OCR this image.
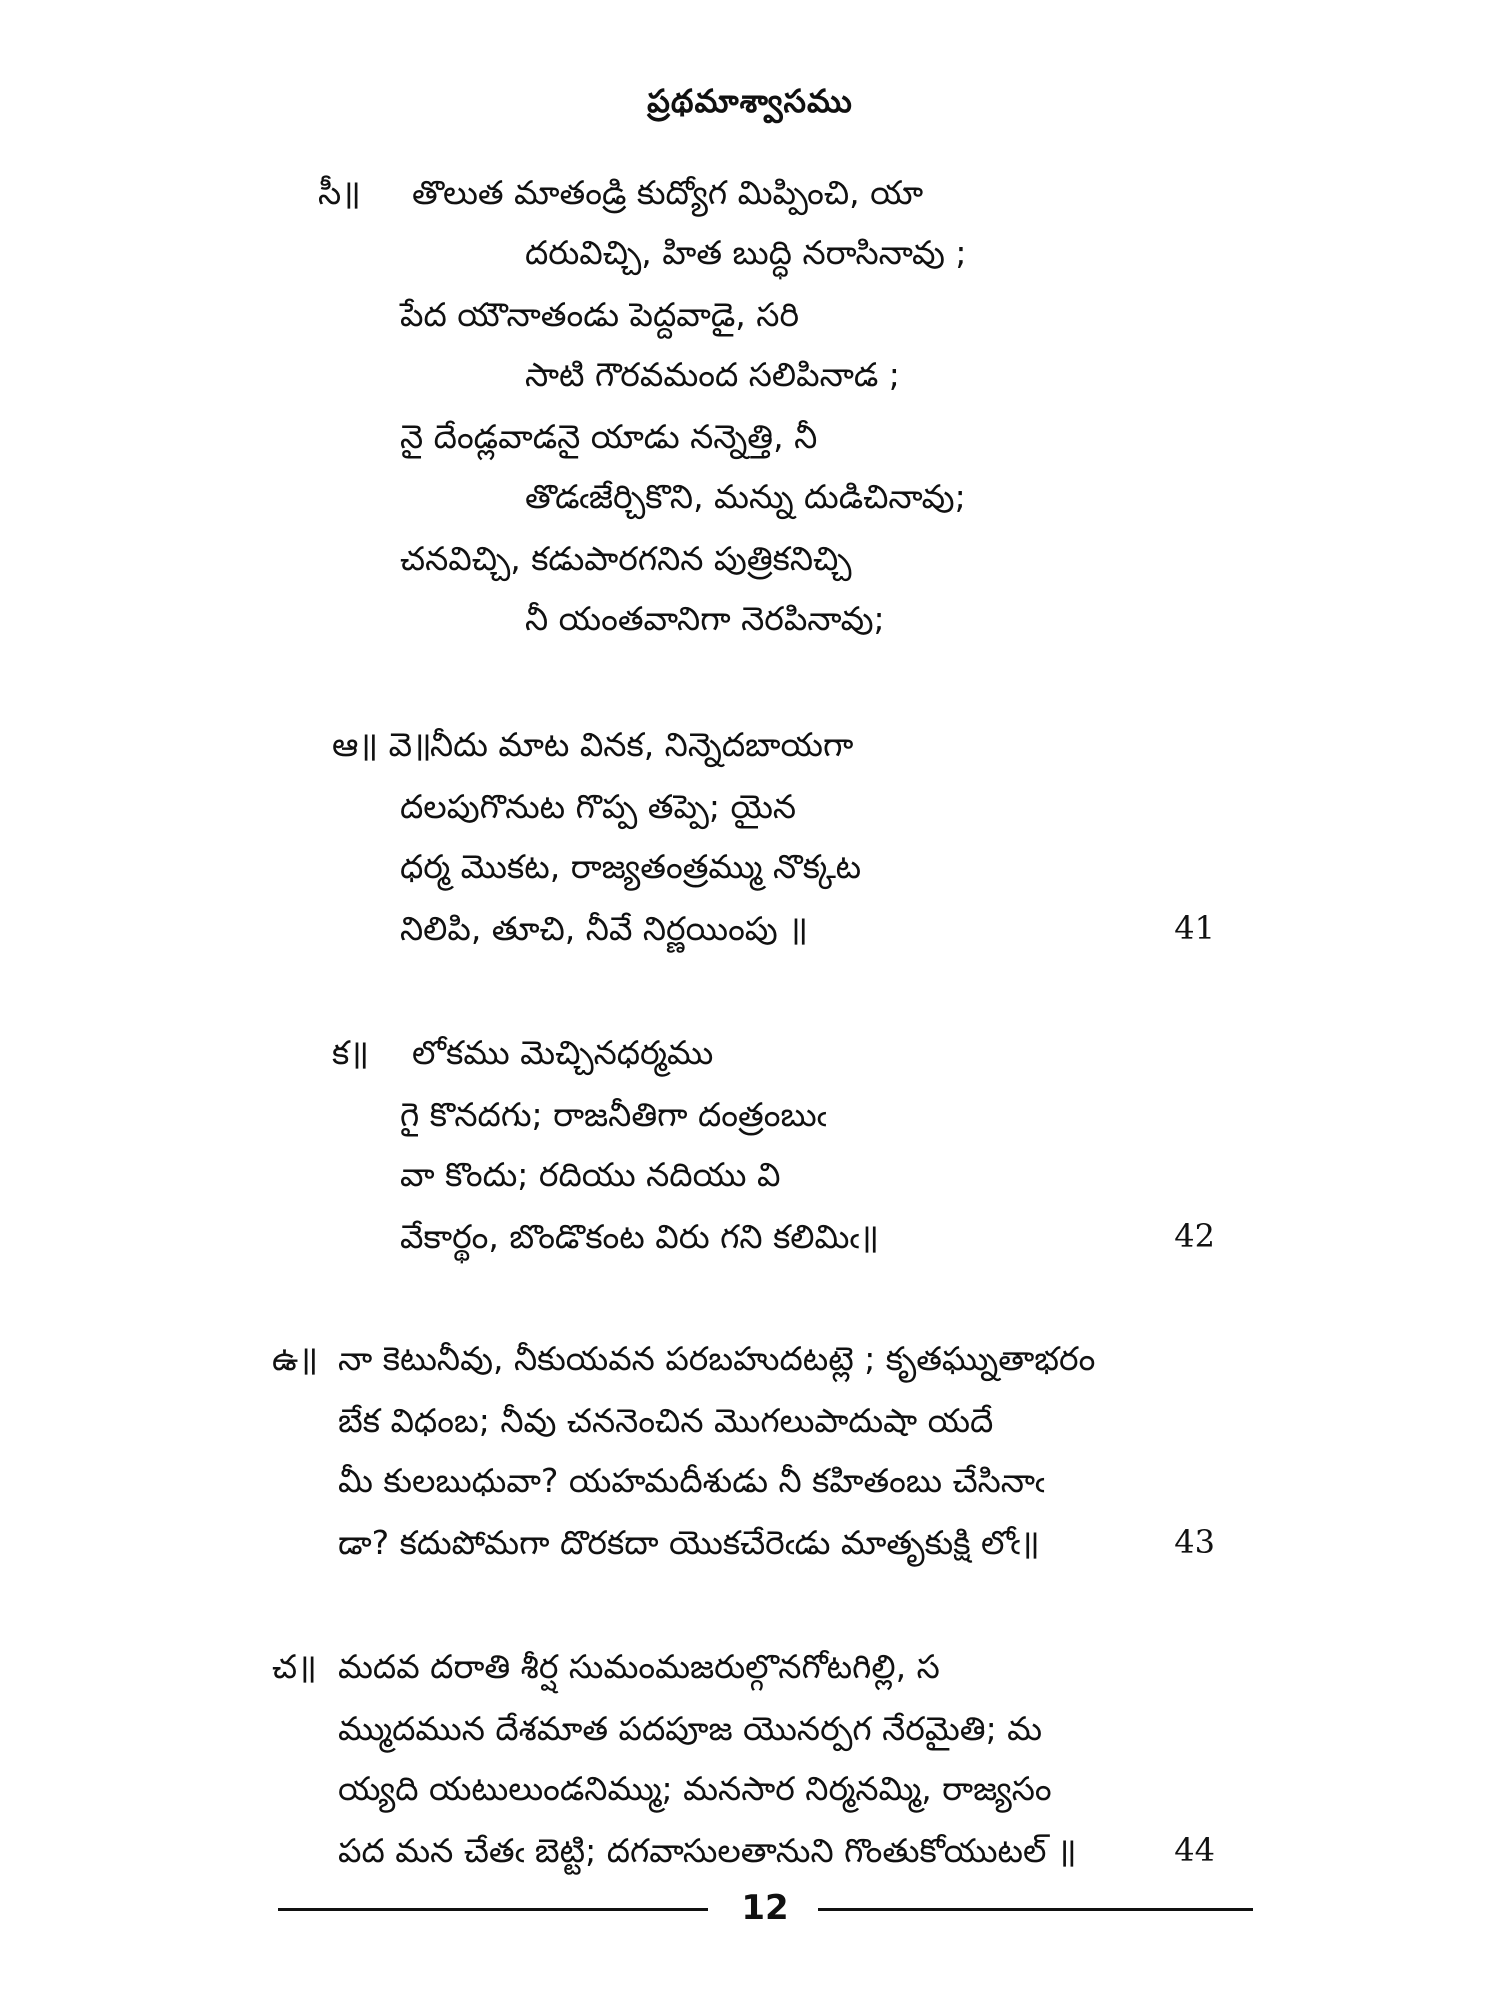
ప్రథమాశ్వాసము
సీ॥ తొలుత మాతండ్రి కుద్యోగ మిప్పించి, యా
దరువిచ్చి, హిత బుద్ధి నరాసినావు ;
పేద యౌనాతండు పెద్దవాడై, సరి
సాటి గౌరవమంద సలిపినాడ ;
నై దేండ్లవాడనై యాడు నన్నెత్తి, నీ
తొడఁజేర్చికొని, మన్ను దుడిచినావు;
చనవిచ్చి, కడుపారగనిన పుత్రికనిచ్చి
నీ యంతవానిగా నెరపినావు;
ఆ॥ వె॥
నీదు మాట వినక, నిన్నెదబాయగా
దలపుగొనుట గొప్ప తప్పె; యైన
ధర్మ మొకట, రాజ్యతంత్రమ్ము నొక్కట
నిలిపి, తూచి, నీవే నిర్ణయింపు ॥	41
క॥ లోకము మెచ్చినధర్మము
గై కొనదగు; రాజనీతిగా దంత్రంబుఁ
వా కొందు; రదియు నదియు వి
వేకార్థం, బొండొకంట విరు గని కలిమిఁ॥	42
ఉ॥ నా కెటునీవు, నీకుయవన పరబహుదటట్లె ; కృతఘ్నుతాభరం
బేక విధంబ; నీవు చననెంచిన మొగలుపాదుషా యదే
మీ కులబుధువా? యహమదీశుడు నీ కహితంబు చేసినాఁ
డా? కదుపోమగా దొరకదా యొకచేరెఁడు మాతృకుక్షి లోఁ॥	43
చ॥ మదవ దరాతి శీర్ష సుమంమజరుల్గొనగోటగిల్లి, స
మ్ముదమున దేశమాత పదపూజ యొనర్పగ నేరమైతి; మ
య్యది యటులుండనిమ్ము; మనసార నిర్మనమ్మి, రాజ్యసం
పద మన చేతఁ బెట్టి; దగవాసులతానుని గొంతుకోయుటల్ ॥	44
12
